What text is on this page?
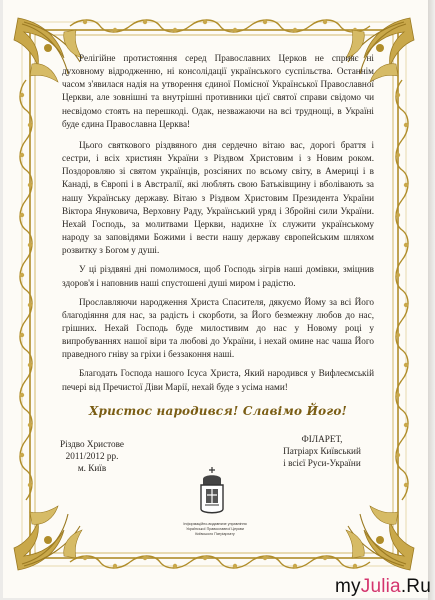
Релігійне протистояння серед Православних Церков не сприяє ні духовному відродженню, ні консолідації українського суспільства. Останнім часом з'явилася надія на утворення єдиної Помісної Української Православної Церкви, але зовнішні та внутрішні противники цієї святої справи свідомо чи несвідомо стоять на перешкоді. Одак, незважаючи на всі труднощі, в Україні буде єдина Православна Церква!

Цього святкового різдвяного дня сердечно вітаю вас, дорогі браття і сестри, і всіх християн України з Різдвом Христовим і з Новим роком. Поздоровляю зі святом українців, розсіяних по всьому світу, в Америці і в Канаді, в Європі і в Австралії, які люблять свою Батьківщину і вболівають за нашу Українську державу. Вітаю з Різдвом Христовим Президента України Віктора Януковича, Верховну Раду, Український уряд і Збройні сили України. Нехай Господь, за молитвами Церкви, надихне їх служити українському народу за заповідями Божими і вести нашу державу європейським шляхом розвитку з Богом у душі.

У ці різдвяні дні помолимося, щоб Господь зігрів наші домівки, зміцнив здоров'я і наповнив наші спустошені душі миром і радістю.

Прославляючи народження Христа Спасителя, дякуємо Йому за всі Його благодіяння для нас, за радість і скорботи, за Його безмежну любов до нас, грішних. Нехай Господь буде милостивим до нас у Новому році у випробуваннях нашої віри та любові до України, і нехай омине нас чаша Його праведного гніву за гріхи і беззаконня наші.

Благодать Господа нашого Ісуса Христа, Який народився у Вифлеємській печері від Пречистої Діви Марії, нехай буде з усіма нами!

Христос народився! Славімо Його!
Різдво Христове
2011/2012 рр.
м. Київ
ФІЛАРЕТ,
Патріарх Київський
і всієї Руси-України
Інформаційно-видавниче управління
Української Православної Церкви
Київського Патріархату
myJulia.Ru
